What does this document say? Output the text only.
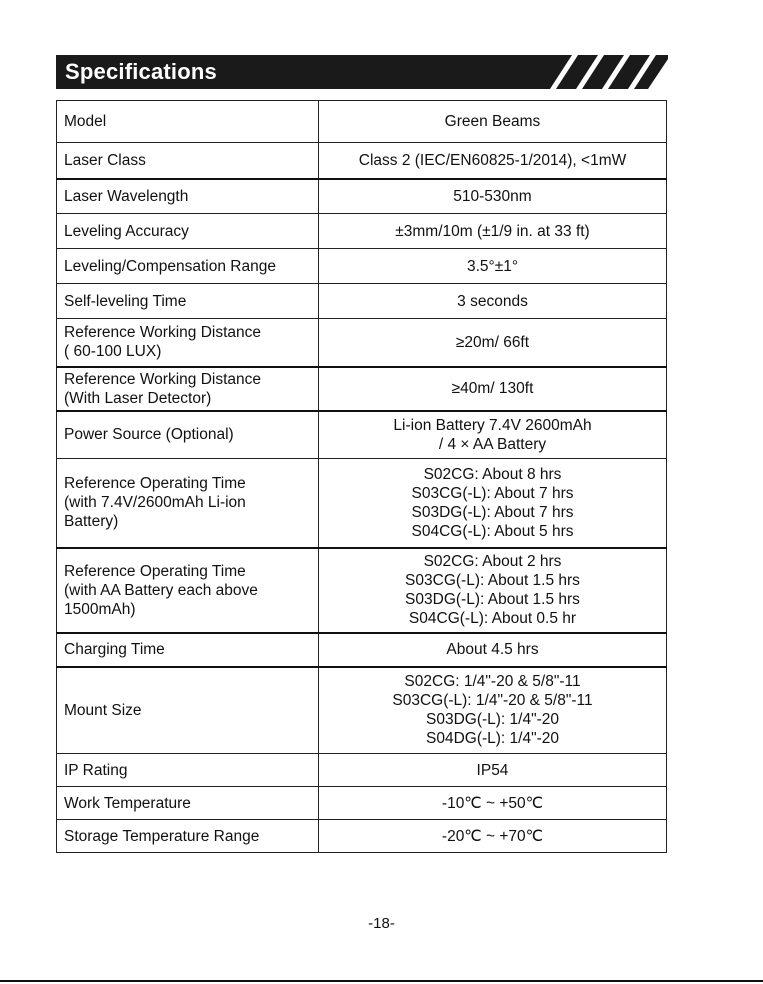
Specifications
Model	Green Beams
Laser Class	Class 2 (IEC/EN60825-1/2014), <1mW
Laser Wavelength	510-530nm
Leveling Accuracy	±3mm/10m (±1/9 in. at 33 ft)
Leveling/Compensation Range	3.5°±1°
Self-leveling Time	3 seconds
Reference Working Distance
( 60-100 LUX)	≥20m/ 66ft
Reference Working Distance
(With Laser Detector)	≥40m/ 130ft
Power Source (Optional)	Li-ion Battery 7.4V 2600mAh
/ 4 × AA Battery
Reference Operating Time
(with 7.4V/2600mAh Li-ion
Battery)	S02CG: About 8 hrs
S03CG(-L): About 7 hrs
S03DG(-L): About 7 hrs
S04CG(-L): About 5 hrs
Reference Operating Time
(with AA Battery each above
1500mAh)	S02CG: About 2 hrs
S03CG(-L): About 1.5 hrs
S03DG(-L): About 1.5 hrs
S04CG(-L): About 0.5 hr
Charging Time	About 4.5 hrs
Mount Size	S02CG: 1/4"-20 & 5/8"-11
S03CG(-L): 1/4"-20 & 5/8"-11
S03DG(-L): 1/4"-20
S04DG(-L): 1/4"-20
IP Rating	IP54
Work Temperature	-10℃ ~ +50℃
Storage Temperature Range	-20℃ ~ +70℃
-18-
